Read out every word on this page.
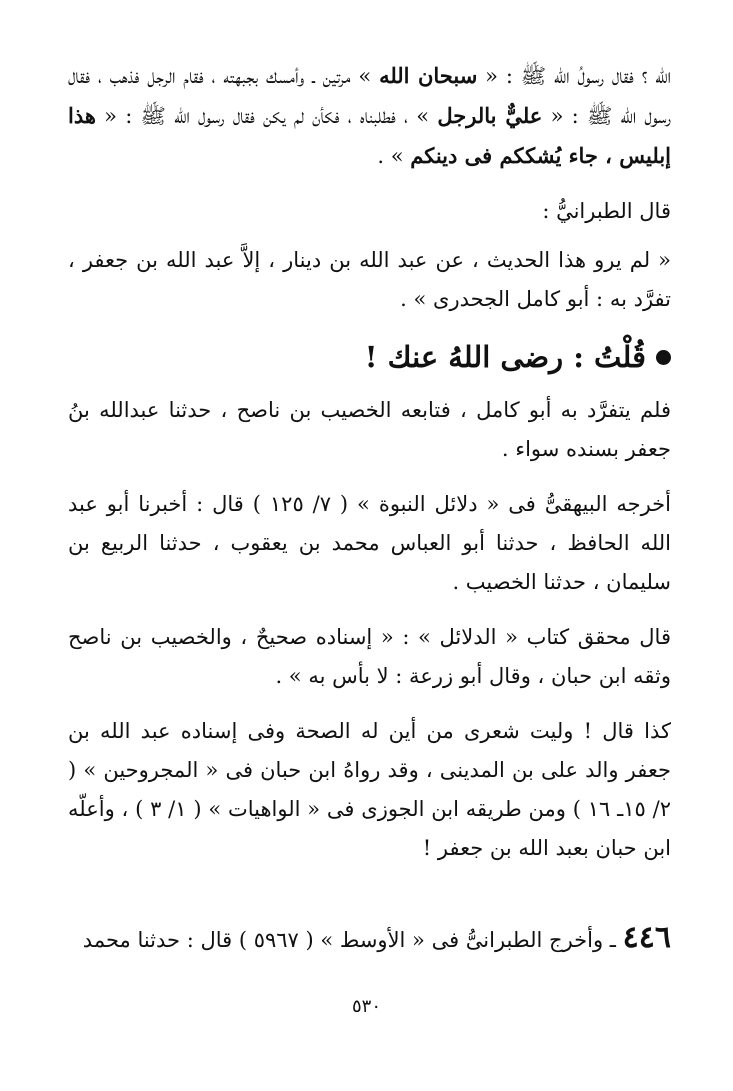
الله ؟ فقال رسولُ الله ﷺ : « سبحان الله » مرتين ـ وأمسك بجبهته ، فقام الرجل فذهب ، فقال رسول الله ﷺ : « عليٌّ بالرجل » ، فطلبناه ، فكأن لم يكن فقال رسول الله ﷺ : « هذا إبليس ، جاء يُشككم فى دينكم » .

قال الطبرانيُّ :

« لم يرو هذا الحديث ، عن عبد الله بن دينار ، إلاَّ عبد الله بن جعفر ، تفرَّد به : أبو كامل الجحدرى » .

قُلْتُ : رضى اللهُ عنك !

فلم يتفرَّد به أبو كامل ، فتابعه الخصيب بن ناصح ، حدثنا عبدالله بنُ جعفر بسنده سواء .

أخرجه البيهقىُّ فى « دلائل النبوة » ( ٧/ ١٢٥ ) قال : أخبرنا أبو عبد الله الحافظ ، حدثنا أبو العباس محمد بن يعقوب ، حدثنا الربيع بن سليمان ، حدثنا الخصيب .

قال محقق كتاب « الدلائل » : « إسناده صحيحٌ ، والخصيب بن ناصح وثقه ابن حبان ، وقال أبو زرعة : لا بأس به » .

كذا قال ! وليت شعرى من أين له الصحة وفى إسناده عبد الله بن جعفر والد على بن المدينى ، وقد رواهُ ابن حبان فى « المجروحين » ( ٢/ ١٥ـ ١٦ ) ومن طريقه ابن الجوزى فى « الواهيات » ( ١/ ٣ ) ، وأعلّه ابن حبان بعبد الله بن جعفر !

٤٤٦ ـ وأخرج الطبرانىُّ فى « الأوسط » ( ٥٩٦٧ ) قال : حدثنا محمد
٥٣٠
